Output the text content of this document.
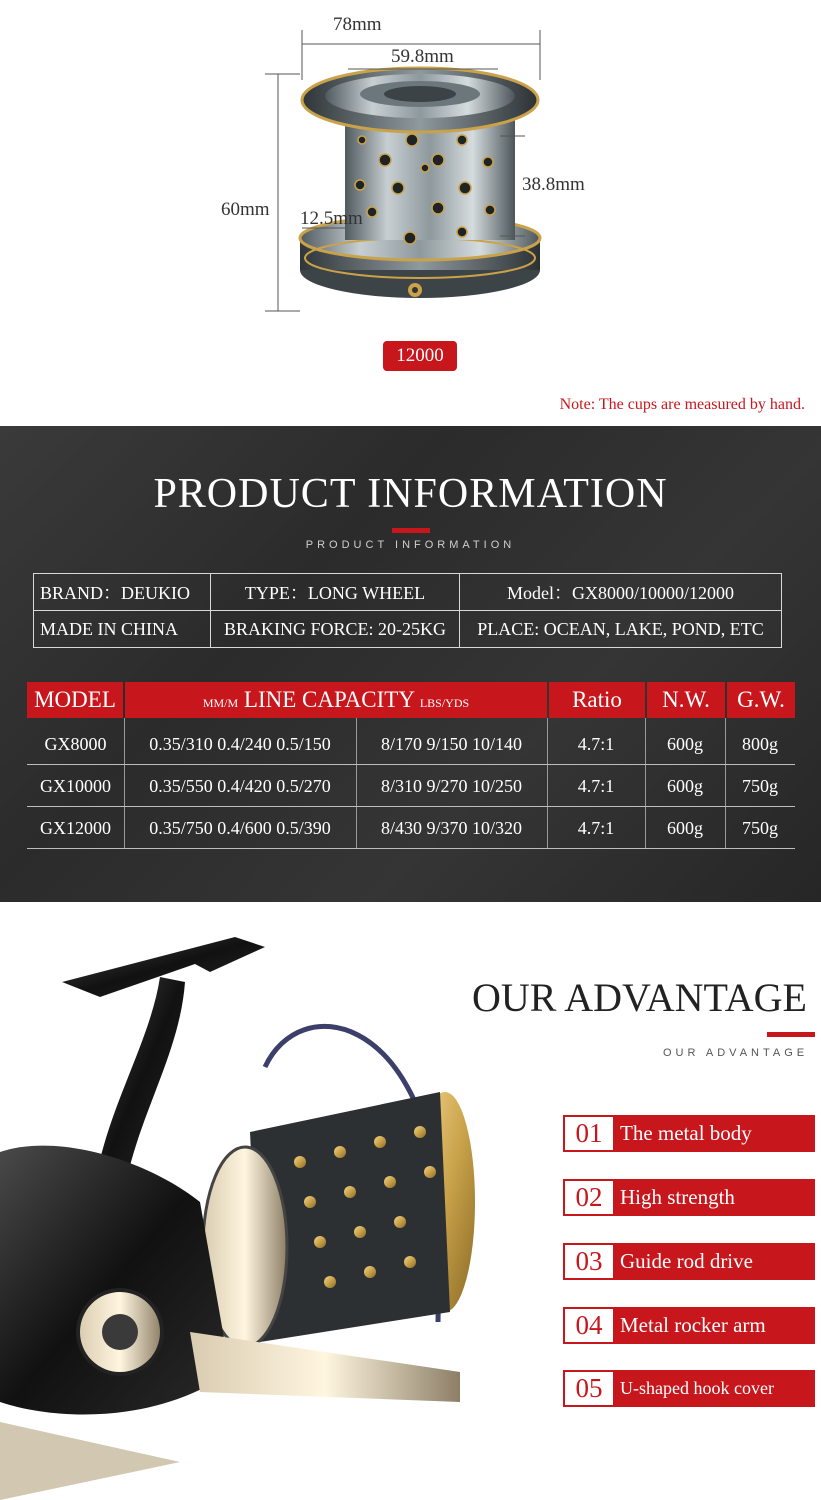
78mm
59.8mm
60mm
38.8mm
12.5mm
12000
Note: The cups are measured by hand.
PRODUCT INFORMATION
PRODUCT INFORMATION
BRAND：DEUKIO	TYPE：LONG WHEEL	Model：GX8000/10000/12000
MADE IN CHINA	BRAKING FORCE: 20-25KG	PLACE: OCEAN, LAKE, POND, ETC
MODEL	MM/M LINE CAPACITY LBS/YDS	Ratio	N.W.	G.W.
GX8000	0.35/310 0.4/240 0.5/150	8/170 9/150 10/140	4.7:1	600g	800g
GX10000	0.35/550 0.4/420 0.5/270	8/310 9/270 10/250	4.7:1	600g	750g
GX12000	0.35/750 0.4/600 0.5/390	8/430 9/370 10/320	4.7:1	600g	750g
OUR ADVANTAGE
OUR ADVANTAGE
01 The metal body
02 High strength
03 Guide rod drive
04 Metal rocker arm
05 U-shaped hook cover
